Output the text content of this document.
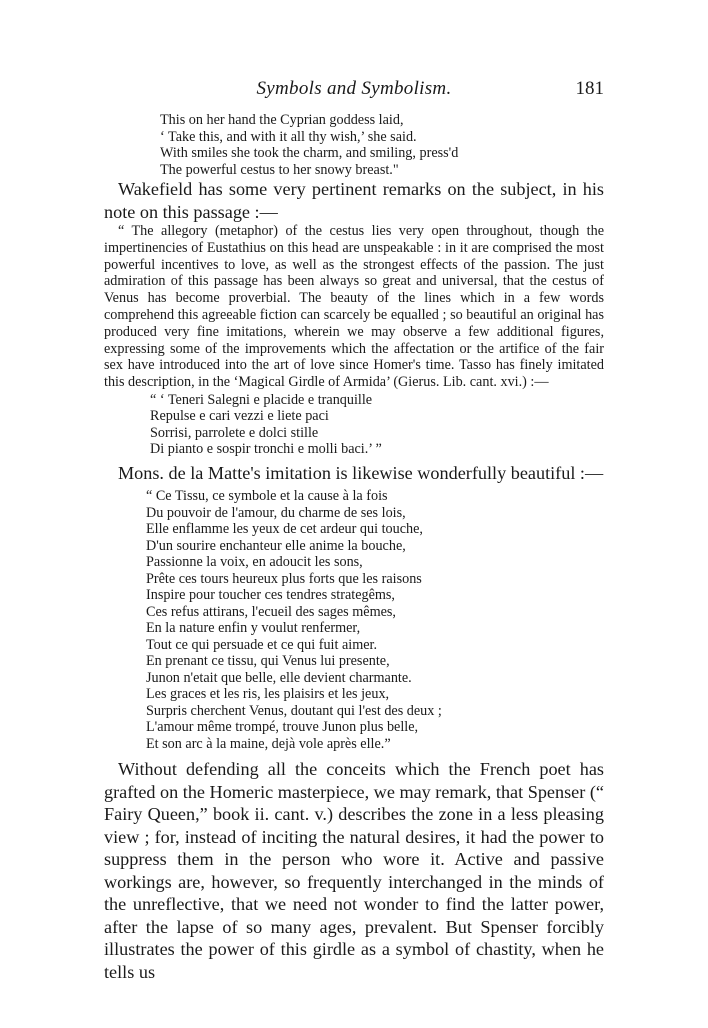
Symbols and Symbolism.	181
This on her hand the Cyprian goddess laid,
‘ Take this, and with it all thy wish,’ she said.
With smiles she took the charm, and smiling, press'd
The powerful cestus to her snowy breast."

Wakefield has some very pertinent remarks on the subject, in his note on this passage :—

“ The allegory (metaphor) of the cestus lies very open throughout, though the impertinencies of Eustathius on this head are unspeakable : in it are comprised the most powerful incentives to love, as well as the strongest effects of the passion. The just admiration of this passage has been always so great and universal, that the cestus of Venus has become proverbial. The beauty of the lines which in a few words comprehend this agreeable fiction can scarcely be equalled ; so beautiful an original has produced very fine imitations, wherein we may observe a few additional figures, expressing some of the improvements which the affectation or the artifice of the fair sex have introduced into the art of love since Homer's time. Tasso has finely imitated this description, in the ‘Magical Girdle of Armida’ (Gierus. Lib. cant. xvi.) :—

“ ‘ Teneri Salegni e placide e tranquille
Repulse e cari vezzi e liete paci
Sorrisi, parrolete e dolci stille
Di pianto e sospir tronchi e molli baci.’ ”

Mons. de la Matte's imitation is likewise wonderfully beautiful :—

“ Ce Tissu, ce symbole et la cause à la fois
Du pouvoir de l'amour, du charme de ses lois,
Elle enflamme les yeux de cet ardeur qui touche,
D'un sourire enchanteur elle anime la bouche,
Passionne la voix, en adoucit les sons,
Prête ces tours heureux plus forts que les raisons
Inspire pour toucher ces tendres strategêms,
Ces refus attirans, l'ecueil des sages mêmes,
En la nature enfin y voulut renfermer,
Tout ce qui persuade et ce qui fuit aimer.
En prenant ce tissu, qui Venus lui presente,
Junon n'etait que belle, elle devient charmante.
Les graces et les ris, les plaisirs et les jeux,
Surpris cherchent Venus, doutant qui l'est des deux ;
L'amour même trompé, trouve Junon plus belle,
Et son arc à la maine, dejà vole après elle.”

Without defending all the conceits which the French poet has grafted on the Homeric masterpiece, we may remark, that Spenser (“ Fairy Queen,” book ii. cant. v.) describes the zone in a less pleasing view ; for, instead of inciting the natural desires, it had the power to suppress them in the person who wore it. Active and passive workings are, however, so frequently interchanged in the minds of the unreflective, that we need not wonder to find the latter power, after the lapse of so many ages, prevalent. But Spenser forcibly illustrates the power of this girdle as a symbol of chastity, when he tells us
